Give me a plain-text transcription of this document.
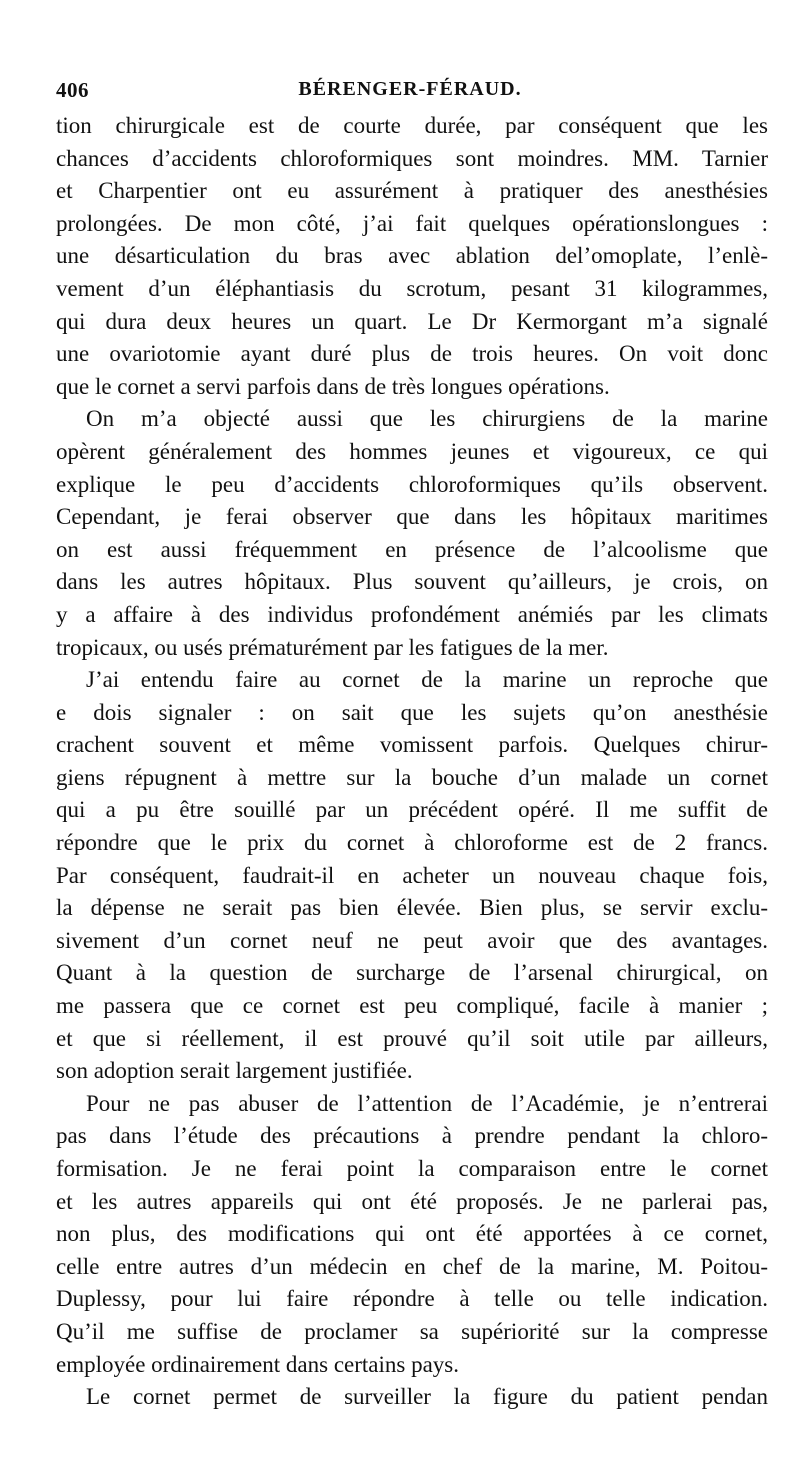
406	BÉRENGER-FÉRAUD.
tion chirurgicale est de courte durée, par conséquent que les
chances d’accidents chloroformiques sont moindres. MM. Tarnier
et Charpentier ont eu assurément à pratiquer des anesthésies
prolongées. De mon côté, j’ai fait quelques opérationslongues :
une désarticulation du bras avec ablation del’omoplate, l’enlè-
vement d’un éléphantiasis du scrotum, pesant 31 kilogrammes,
qui dura deux heures un quart. Le Dr Kermorgant m’a signalé
une ovariotomie ayant duré plus de trois heures. On voit donc
que le cornet a servi parfois dans de très longues opérations.
On m’a objecté aussi que les chirurgiens de la marine
opèrent généralement des hommes jeunes et vigoureux, ce qui
explique le peu d’accidents chloroformiques qu’ils observent.
Cependant, je ferai observer que dans les hôpitaux maritimes
on est aussi fréquemment en présence de l’alcoolisme que
dans les autres hôpitaux. Plus souvent qu’ailleurs, je crois, on
y a affaire à des individus profondément anémiés par les climats
tropicaux, ou usés prématurément par les fatigues de la mer.
J’ai entendu faire au cornet de la marine un reproche que
e dois signaler : on sait que les sujets qu’on anesthésie
crachent souvent et même vomissent parfois. Quelques chirur-
giens répugnent à mettre sur la bouche d’un malade un cornet
qui a pu être souillé par un précédent opéré. Il me suffit de
répondre que le prix du cornet à chloroforme est de 2 francs.
Par conséquent, faudrait-il en acheter un nouveau chaque fois,
la dépense ne serait pas bien élevée. Bien plus, se servir exclu-
sivement d’un cornet neuf ne peut avoir que des avantages.
Quant à la question de surcharge de l’arsenal chirurgical, on
me passera que ce cornet est peu compliqué, facile à manier ;
et que si réellement, il est prouvé qu’il soit utile par ailleurs,
son adoption serait largement justifiée.
Pour ne pas abuser de l’attention de l’Académie, je n’entrerai
pas dans l’étude des précautions à prendre pendant la chloro-
formisation. Je ne ferai point la comparaison entre le cornet
et les autres appareils qui ont été proposés. Je ne parlerai pas,
non plus, des modifications qui ont été apportées à ce cornet,
celle entre autres d’un médecin en chef de la marine, M. Poitou-
Duplessy, pour lui faire répondre à telle ou telle indication.
Qu’il me suffise de proclamer sa supériorité sur la compresse
employée ordinairement dans certains pays.
Le cornet permet de surveiller la figure du patient pendan
